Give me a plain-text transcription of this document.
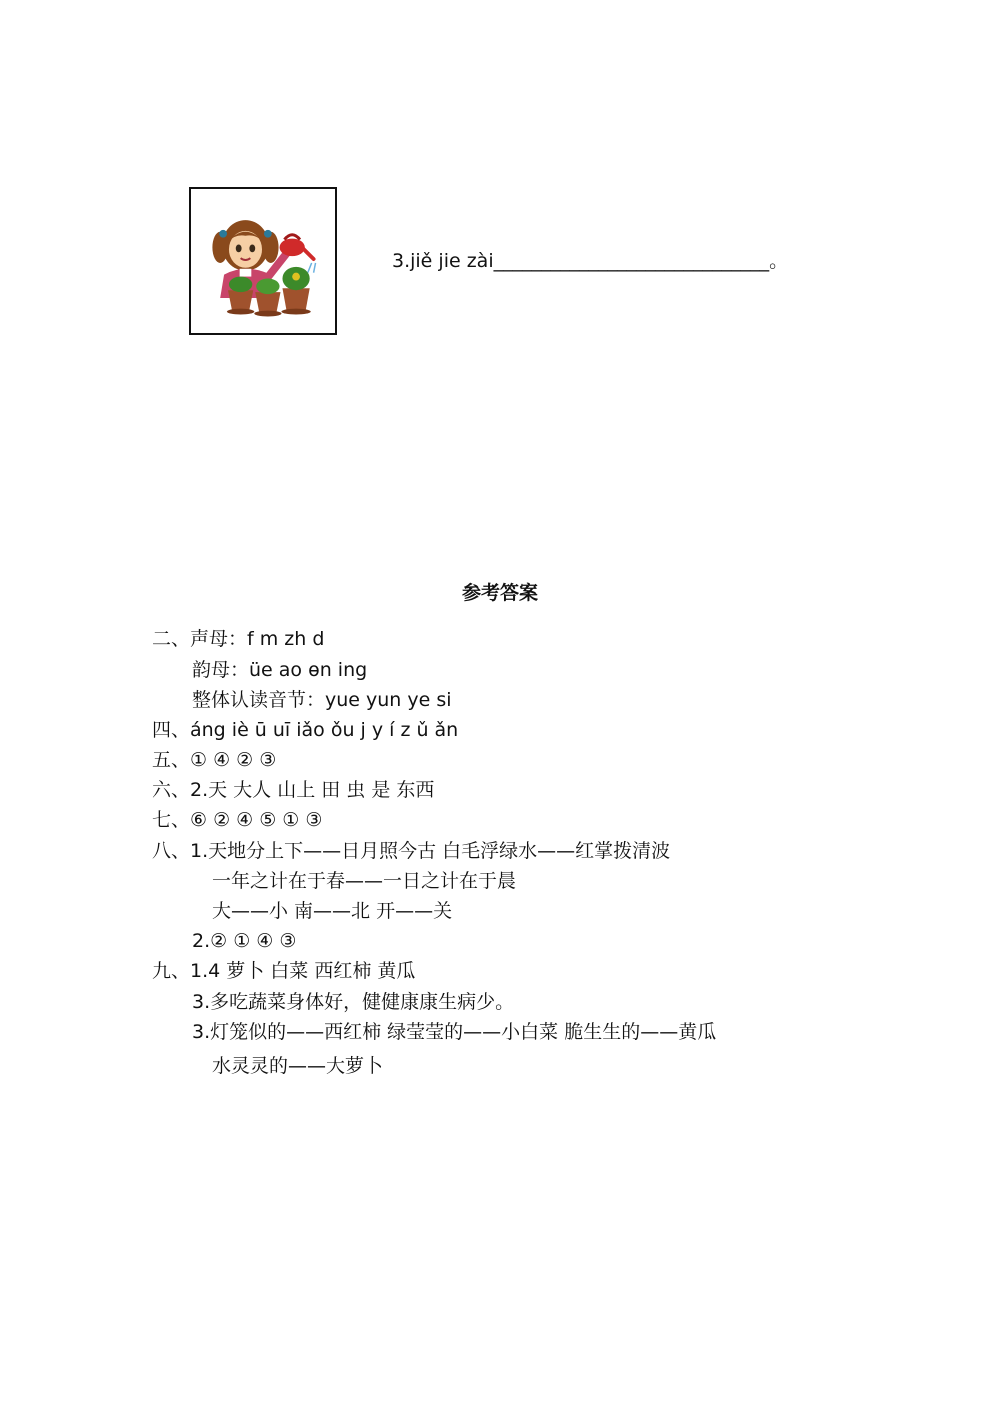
3.jiě jie zài_____________________________。
参考答案
二、声母：f m zh d
韵母：üe ao ɵn ing
整体认读音节：yue yun ye si
四、áng iè ū uī iǎo ǒu j y í z ǔ ǎn
五、① ④ ② ③
六、2.天 大人 山上 田 虫 是 东西
七、⑥ ② ④ ⑤ ① ③
八、1.天地分上下——日月照今古 白毛浮绿水——红掌拨清波
一年之计在于春——一日之计在于晨
大——小 南——北 开——关
2.② ① ④ ③
九、1.4 萝卜 白菜 西红柿 黄瓜
3.多吃蔬菜身体好，健健康康生病少。
3.灯笼似的——西红柿 绿莹莹的——小白菜 脆生生的——黄瓜
水灵灵的——大萝卜
